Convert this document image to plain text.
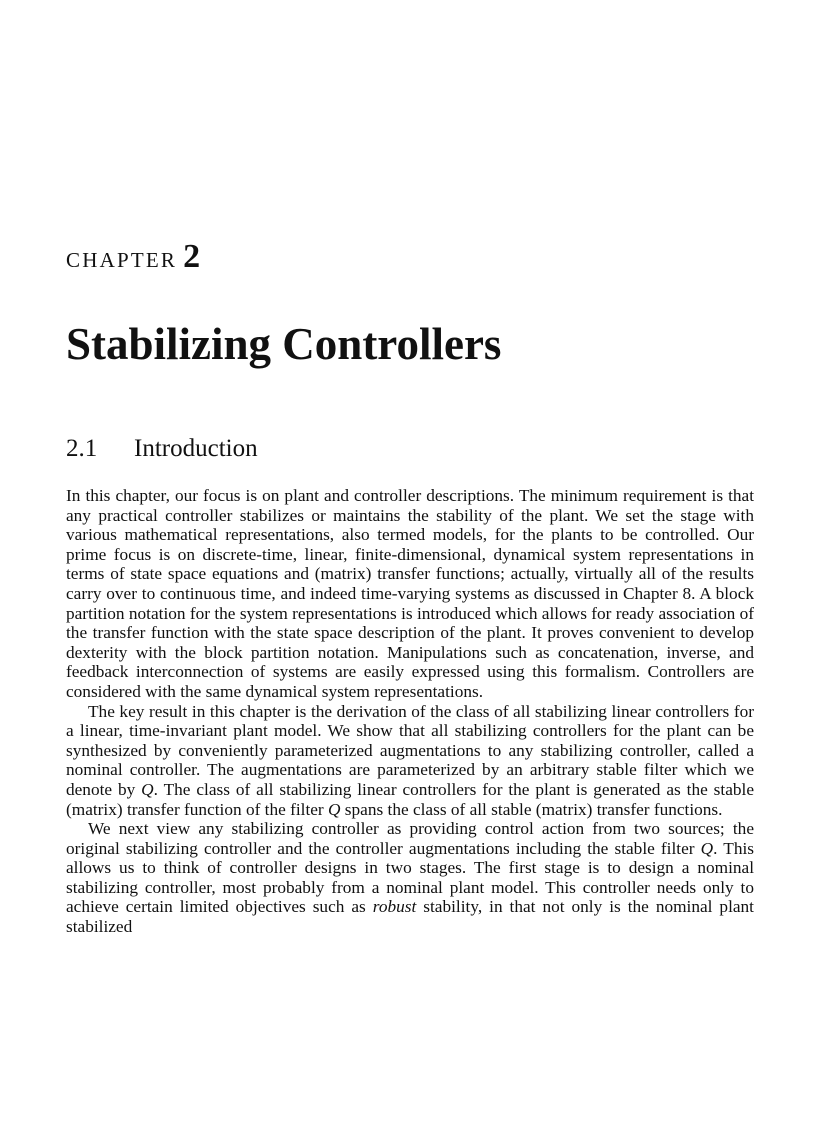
CHAPTER 2
Stabilizing Controllers
2.1 Introduction

In this chapter, our focus is on plant and controller descriptions. The minimum requirement is that any practical controller stabilizes or maintains the stability of the plant. We set the stage with various mathematical representations, also termed models, for the plants to be controlled. Our prime focus is on discrete-time, linear, finite-dimensional, dynamical system representations in terms of state space equations and (matrix) transfer functions; actually, virtually all of the results carry over to continuous time, and indeed time-varying systems as discussed in Chapter 8. A block partition notation for the system representations is introduced which allows for ready association of the transfer function with the state space description of the plant. It proves convenient to develop dexterity with the block partition notation. Manipulations such as concatenation, inverse, and feedback interconnection of systems are easily expressed using this formalism. Controllers are considered with the same dynamical system representations.

The key result in this chapter is the derivation of the class of all stabilizing linear controllers for a linear, time-invariant plant model. We show that all stabilizing controllers for the plant can be synthesized by conveniently parameterized augmentations to any stabilizing controller, called a nominal controller. The augmentations are parameterized by an arbitrary stable filter which we denote by Q. The class of all stabilizing linear controllers for the plant is generated as the stable (matrix) transfer function of the filter Q spans the class of all stable (matrix) transfer functions.

We next view any stabilizing controller as providing control action from two sources; the original stabilizing controller and the controller augmentations including the stable filter Q. This allows us to think of controller designs in two stages. The first stage is to design a nominal stabilizing controller, most probably from a nominal plant model. This controller needs only to achieve certain limited objectives such as robust stability, in that not only is the nominal plant stabilized
